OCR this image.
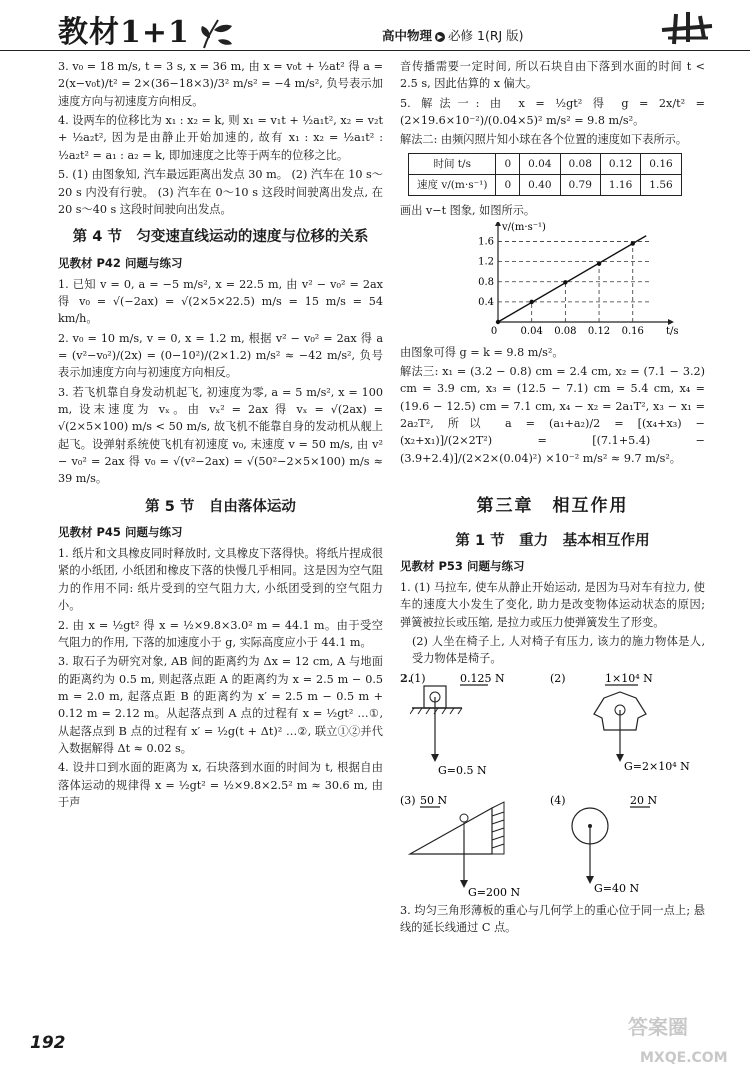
教材1+1	高中物理 ▶ 必修 1(RJ 版)

3. v₀ = 18 m/s, t = 3 s, x = 36 m, 由 x = v₀t + ½at² 得 a = 2(x−v₀t)/t² = 2×(36−18×3)/3² m/s² = −4 m/s², 负号表示加速度方向与初速度方向相反。

4. 设两车的位移比为 x₁ : x₂ = k, 则 x₁ = v₁t + ½a₁t², x₂ = v₂t + ½a₂t², 因为是由静止开始加速的, 故有 x₁ : x₂ = ½a₁t² : ½a₂t² = a₁ : a₂ = k, 即加速度之比等于两车的位移之比。

5. (1) 由图象知, 汽车最远距离出发点 30 m。 (2) 汽车在 10 s～20 s 内没有行驶。 (3) 汽车在 0～10 s 这段时间驶离出发点, 在 20 s～40 s 这段时间驶向出发点。

第 4 节　匀变速直线运动的速度与位移的关系
见教材 P42 问题与练习

1. 已知 v = 0, a = −5 m/s², x = 22.5 m, 由 v² − v₀² = 2ax 得 v₀ = √(−2ax) = √(2×5×22.5) m/s = 15 m/s = 54 km/h。

2. v₀ = 10 m/s, v = 0, x = 1.2 m, 根据 v² − v₀² = 2ax 得 a = (v²−v₀²)/(2x) = (0−10²)/(2×1.2) m/s² ≈ −42 m/s², 负号表示加速度方向与初速度方向相反。

3. 若飞机靠自身发动机起飞, 初速度为零, a = 5 m/s², x = 100 m, 设末速度为 vₓ。由 vₓ² = 2ax 得 vₓ = √(2ax) = √(2×5×100) m/s < 50 m/s, 故飞机不能靠自身的发动机从舰上起飞。设弹射系统使飞机有初速度 v₀, 末速度 v = 50 m/s, 由 v² − v₀² = 2ax 得 v₀ = √(v²−2ax) = √(50²−2×5×100) m/s ≈ 39 m/s。

第 5 节　自由落体运动
见教材 P45 问题与练习

1. 纸片和文具橡皮同时释放时, 文具橡皮下落得快。将纸片捏成很紧的小纸团, 小纸团和橡皮下落的快慢几乎相同。这是因为空气阻力的作用不同: 纸片受到的空气阻力大, 小纸团受到的空气阻力小。

2. 由 x = ½gt² 得 x = ½×9.8×3.0² m = 44.1 m。由于受空气阻力的作用, 下落的加速度小于 g, 实际高度应小于 44.1 m。

3. 取石子为研究对象, AB 间的距离约为 Δx = 12 cm, A 与地面的距离约为 0.5 m, 则起落点距 A 的距离约为 x = 2.5 m − 0.5 m = 2.0 m, 起落点距 B 的距离约为 x′ = 2.5 m − 0.5 m + 0.12 m = 2.12 m。从起落点到 A 点的过程有 x = ½gt² …①, 从起落点到 B 点的过程有 x′ = ½g(t + Δt)² …②, 联立①②并代入数据解得 Δt ≈ 0.02 s。

4. 设井口到水面的距离为 x, 石块落到水面的时间为 t, 根据自由落体运动的规律得 x = ½gt² = ½×9.8×2.5² m ≈ 30.6 m, 由于声

音传播需要一定时间, 所以石块自由下落到水面的时间 t < 2.5 s, 因此估算的 x 偏大。

5. 解法一: 由 x = ½gt² 得 g = 2x/t² = (2×19.6×10⁻²)/(0.04×5)² m/s² = 9.8 m/s²。

解法二: 由频闪照片知小球在各个位置的速度如下表所示。

时间 t/s	0	0.04	0.08	0.12	0.16
速度 v/(m·s⁻¹)	0	0.40	0.79	1.16	1.56

画出 v−t 图象, 如图所示。

t/s
v/(m·s⁻¹)
0 0.04 0.08 0.12 0.16
0.4
0.8
1.2
1.6

由图象可得 g = k = 9.8 m/s²。

解法三: x₁ = (3.2 − 0.8) cm = 2.4 cm, x₂ = (7.1 − 3.2) cm = 3.9 cm, x₃ = (12.5 − 7.1) cm = 5.4 cm, x₄ = (19.6 − 12.5) cm = 7.1 cm, x₄ − x₂ = 2a₁T², x₃ − x₁ = 2a₂T², 所以 a = (a₁+a₂)/2 = [(x₄+x₃) − (x₂+x₁)]/(2×2T²) = [(7.1+5.4) − (3.9+2.4)]/(2×2×(0.04)²) ×10⁻² m/s² ≈ 9.7 m/s²。

第三章　相互作用
第 1 节　重力　基本相互作用
见教材 P53 问题与练习

1. (1) 马拉车, 使车从静止开始运动, 是因为马对车有拉力, 使车的速度大小发生了变化, 助力是改变物体运动状态的原因; 弹簧被拉长或压缩, 是拉力或压力使弹簧发生了形变。

(2) 人坐在椅子上, 人对椅子有压力, 该力的施力物体是人, 受力物体是椅子。

2.
(1)	0.125 N
G=0.5 N
(2)	1×10⁴ N
G=2×10⁴ N
(3) 50 N
G=200 N
(4)	20 N
G=40 N

3. 均匀三角形薄板的重心与几何学上的重心位于同一点上; 悬线的延长线通过 C 点。

192
答案圈
MXQE.COM
